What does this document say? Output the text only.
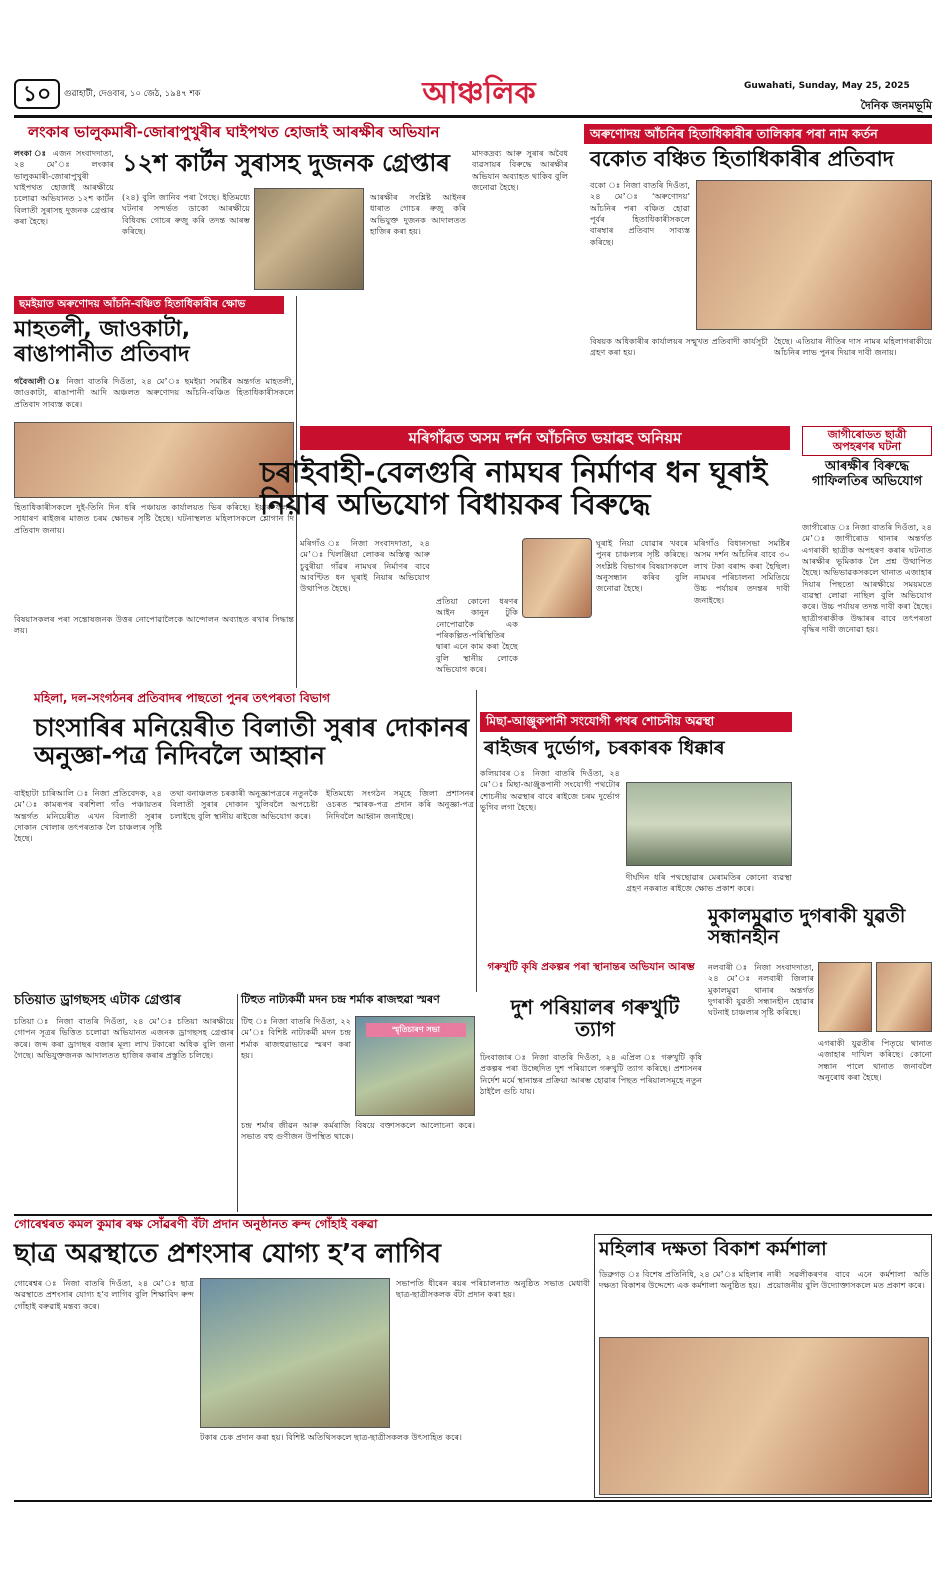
১০	গুৱাহাটী, দেওবাৰ, ১০ জেঠ, ১৯৪৭ শক	আঞ্চলিক	Guwahati, Sunday, May 25, 2025
দৈনিক জনমভূমি
লংকাৰ ভালুকমাৰী-জোৰাপুখুৰীৰ ঘাইপথত হোজাই আৰক্ষীৰ অভিযান
লংকা ঃ এজন সংবাদদাতা, ২৪ মে’ঃ লংকাৰ ভালুকমাৰী-জোৰাপুখুৰী ঘাইপথত হোজাই আৰক্ষীয়ে চলোৱা অভিযানত ১২শ কাৰ্টন বিলাতী সুৰাসহ দুজনক গ্ৰেপ্তাৰ কৰা হৈছে।
১২শ কাৰ্টন সুৰাসহ দুজনক গ্ৰেপ্তাৰ
(২৪) বুলি জানিব পৰা গৈছে। ইতিমধ্যে ঘটনাৰ সন্দৰ্ভত ডাকো আৰক্ষীয়ে বিধিবদ্ধ গোচৰ ৰুজু কৰি তদন্ত আৰম্ভ কৰিছে।
আৰক্ষীৰ সংশ্লিষ্ট আইনৰ ধাৰাত গোচৰ ৰুজু কৰি অভিযুক্ত দুজনক আদালতত হাজিৰ কৰা হয়।
মাদকদ্ৰব্য আৰু সুৰাৰ অবৈধ ব্যৱসায়ৰ বিৰুদ্ধে আৰক্ষীৰ অভিযান অব্যাহত থাকিব বুলি জনোৱা হৈছে।
অৰুণোদয় আঁচনিৰ হিতাধিকাৰীৰ তালিকাৰ পৰা নাম কৰ্তন
বকোত বঞ্চিত হিতাধিকাৰীৰ প্ৰতিবাদ
বকো ঃ নিজা বাতৰি দিওঁতা, ২৪ মে’ঃ ‘অৰুণোদয়’ আঁচনিৰ পৰা বঞ্চিত হোৱা পূৰ্বৰ হিতাধিকাৰীসকলে বাৰম্বাৰ প্ৰতিবাদ সাব্যস্ত কৰিছে।
বিষয়ক অধিকাৰীৰ কাৰ্যালয়ৰ সন্মুখত প্ৰতিবাদী কাৰ্যসূচী গ্ৰহণ কৰা হয়।
হৈছে। এতিয়াৰ নীতিৰ দাস নামৰ মহিলাগৰাকীয়ে আঁচনিৰ লাভ পুনৰ দিয়াৰ দাবী জনায়।
ছমইয়াত অৰুণোদয় আঁচনি-বঞ্চিত হিতাধিকাৰীৰ ক্ষোভ
মাহতলী, জাওকাটা, ৰাঙাপানীত প্ৰতিবাদ
গবৈআলী ঃ নিজা বাতৰি দিওঁতা, ২৪ মে’ঃ ছমইয়া সমষ্টিৰ অন্তৰ্গত মাহতলী, জাওকাটা, ৰাঙাপানী আদি অঞ্চলত অৰুণোদয় আঁচনি-বঞ্চিত হিতাধিকাৰীসকলে প্ৰতিবাদ সাব্যস্ত কৰে।
হিতাধিকাৰীসকলে দুই-তিনি দিন ধৰি পঞ্চায়ত কাৰ্যালয়ত ভিৰ কৰিছে। ইয়াৰ ফলত সাধাৰণ ৰাইজৰ মাজত চৰম ক্ষোভৰ সৃষ্টি হৈছে। ঘটনাস্থলত মহিলাসকলে শ্লোগান দি প্ৰতিবাদ জনায়।
বিষয়াসকলৰ পৰা সন্তোষজনক উত্তৰ নোপোৱালৈকে আন্দোলন অব্যাহত ৰখাৰ সিদ্ধান্ত লয়।
মৰিগাঁৱত অসম দৰ্শন আঁচনিত ভয়াৱহ অনিয়ম
চৰাইবাহী-বেলগুৰি নামঘৰ নিৰ্মাণৰ ধন ঘূৰাই নিয়াৰ অভিযোগ বিধায়কৰ বিৰুদ্ধে
মৰিগাঁও ঃ নিজা সংবাদদাতা, ২৪ মে’ঃ খিলঞ্জিয়া লোকৰ অস্তিত্ব আৰু চুবুৰীয়া গাঁৱৰ নামঘৰ নিৰ্মাণৰ বাবে আবণ্টিত ধন ঘূৰাই নিয়াৰ অভিযোগ উত্থাপিত হৈছে।
প্ৰতিয়া কোনো ধৰণৰ আইন কানুন টুকি নোপোৱাকৈ এক পৰিকল্পিত-পৰিস্থিতিৰ দ্বাৰা এনে কাম কৰা হৈছে বুলি স্থানীয় লোকে অভিযোগ কৰে।
ঘূৰাই নিয়া যোৱাৰ খবৰে পুনৰ চাঞ্চল্যৰ সৃষ্টি কৰিছে। সংশ্লিষ্ট বিভাগৰ বিষয়াসকলে অনুসন্ধান কৰিব বুলি জনোৱা হৈছে।
মৰিগাঁও বিধানসভা সমষ্টিৰ অসম দৰ্শন আঁচনিৰ বাবে ৩০ লাখ টকা বৰাদ্দ কৰা হৈছিল। নামঘৰ পৰিচালনা সমিতিয়ে উচ্চ পৰ্যায়ৰ তদন্তৰ দাবী জনাইছে।
জাগীৰোডত ছাত্ৰী অপহৰণৰ ঘটনা
আৰক্ষীৰ বিৰুদ্ধে গাফিলতিৰ অভিযোগ
জাগীৰোড ঃ নিজা বাতৰি দিওঁতা, ২৪ মে’ঃ জাগীৰোড থানাৰ অন্তৰ্গত এগৰাকী ছাত্ৰীক অপহৰণ কৰাৰ ঘটনাত আৰক্ষীৰ ভূমিকাক লৈ প্ৰশ্ন উত্থাপিত হৈছে। অভিভাৱকসকলে থানাত এজাহাৰ দিয়াৰ পিছতো আৰক্ষীয়ে সময়মতে ব্যৱস্থা লোৱা নাছিল বুলি অভিযোগ কৰে। উচ্চ পৰ্যায়ৰ তদন্ত দাবী কৰা হৈছে। ছাত্ৰীগৰাকীক উদ্ধাৰৰ বাবে তৎপৰতা বৃদ্ধিৰ দাবী জনোৱা হয়।
মহিলা, দল-সংগঠনৰ প্ৰতিবাদৰ পাছতো পুনৰ তৎপৰতা বিভাগ
চাংসাৰিৰ মনিয়েৰীত বিলাতী সুৰাৰ দোকানৰ অনুজ্ঞা-পত্ৰ নিদিবলৈ আহ্বান
বাইহাটা চাৰিআলি ঃ নিজা প্ৰতিবেদক, ২৪ মে’ঃ কামৰূপৰ বৰশিলা গাঁও পঞ্চায়তৰ অন্তৰ্গত মনিয়েৰীত এখন বিলাতী সুৰাৰ দোকান খোলাৰ তৎপৰতাক লৈ চাঞ্চল্যৰ সৃষ্টি হৈছে।
তথা বনাঞ্চলত চৰকাৰী অনুজ্ঞাপত্ৰৰে নতুনকৈ বিলাতী সুৰাৰ দোকান খুলিবলৈ অপচেষ্টা চলাইছে বুলি স্থানীয় ৰাইজে অভিযোগ কৰে।
ইতিমধ্যে সংগঠন সমূহে জিলা প্ৰশাসনৰ ওচৰত স্মাৰক-পত্ৰ প্ৰদান কৰি অনুজ্ঞা-পত্ৰ নিদিবলৈ আহ্বান জনাইছে।
মিছা-আঞ্জুকপানী সংযোগী পথৰ শোচনীয় অৱস্থা
ৰাইজৰ দুৰ্ভোগ, চৰকাৰক ধিক্কাৰ
কলিয়াবৰ ঃ নিজা বাতৰি দিওঁতা, ২৪ মে’ঃ মিছা-আঞ্জুকপানী সংযোগী পথটোৰ শোচনীয় অৱস্থাৰ বাবে ৰাইজে চৰম দুৰ্ভোগ ভুগিব লগা হৈছে।
দীৰ্ঘদিন ধৰি পথছোৱাৰ মেৰামতিৰ কোনো ব্যৱস্থা গ্ৰহণ নকৰাত ৰাইজে ক্ষোভ প্ৰকাশ কৰে।
মুকালমুৱাত দুগৰাকী যুৱতী সন্ধানহীন
নলবাৰী ঃ নিজা সংবাদদাতা, ২৪ মে’ঃ নলবাৰী জিলাৰ মুকালমুৱা থানাৰ অন্তৰ্গত দুগৰাকী যুৱতী সন্ধানহীন হোৱাৰ ঘটনাই চাঞ্চল্যৰ সৃষ্টি কৰিছে।
এগৰাকী যুৱতীৰ পিতৃয়ে থানাত এজাহাৰ দাখিল কৰিছে। কোনো সন্ধান পালে থানাত জনাবলৈ অনুৰোধ কৰা হৈছে।
চতিয়াত ড্ৰাগছসহ এটাক গ্ৰেপ্তাৰ
চতিয়া ঃ নিজা বাতৰি দিওঁতা, ২৪ মে’ঃ চতিয়া আৰক্ষীয়ে গোপন সূত্ৰৰ ভিত্তিত চলোৱা অভিযানত এজনক ড্ৰাগছসহ গ্ৰেপ্তাৰ কৰে। জব্দ কৰা ড্ৰাগছৰ বজাৰ মূল্য লাখ টকাৰো অধিক বুলি জনা গৈছে। অভিযুক্তজনক আদালতত হাজিৰ কৰাৰ প্ৰস্তুতি চলিছে।
টিহুত নাট্যকৰ্মী মদন চন্দ্ৰ শৰ্মাক ৰাজহুৱা স্মৰণ
টিহু ঃ নিজা বাতৰি দিওঁতা, ২২ মে’ঃ বিশিষ্ট নাট্যকৰ্মী মদন চন্দ্ৰ শৰ্মাক ৰাজহুৱাভাৱে স্মৰণ কৰা হয়।
স্মৃতিচাৰণ সভা
চন্দ্ৰ শৰ্মাৰ জীৱন আৰু কৰ্মৰাজি বিষয়ে বক্তাসকলে আলোচনা কৰে। সভাত বহু গুণীজন উপস্থিত থাকে।
গৰুখুটি কৃষি প্ৰকল্পৰ পৰা স্থানান্তৰ অভিযান আৰম্ভ
দুশ পৰিয়ালৰ গৰুখুটি ত্যাগ
ঢিংবাজাৰ ঃ নিজা বাতৰি দিওঁতা, ২৪ এপ্ৰিল ঃ গৰুখুটি কৃষি প্ৰকল্পৰ পৰা উচ্ছেদিত দুশ পৰিয়ালে গৰুখুটি ত্যাগ কৰিছে। প্ৰশাসনৰ নিৰ্দেশ মৰ্মে স্থানান্তৰ প্ৰক্ৰিয়া আৰম্ভ হোৱাৰ পিছত পৰিয়ালসমূহে নতুন ঠাইলৈ গুচি যায়।
গোৰেশ্বৰত কমল কুমাৰ ৰক্ষ সোঁৱৰণী বঁটা প্ৰদান অনুষ্ঠানত ৰুন্দ গোঁহাই বৰুৱা
ছাত্ৰ অৱস্থাতে প্ৰশংসাৰ যোগ্য হ’ব লাগিব
গোৰেশ্বৰ ঃ নিজা বাতৰি দিওঁতা, ২৪ মে’ঃ ছাত্ৰ অৱস্থাতে প্ৰশংসাৰ যোগ্য হ’ব লাগিব বুলি শিক্ষাবিদ ৰুন্দ গোঁহাই বৰুৱাই মন্তব্য কৰে।
সভাপতি ধীৰেন ৰয়ৰ পৰিচালনাত অনুষ্ঠিত সভাত মেধাবী ছাত্ৰ-ছাত্ৰীসকলক বঁটা প্ৰদান কৰা হয়।
টকাৰ চেক প্ৰদান কৰা হয়। বিশিষ্ট অতিথিসকলে ছাত্ৰ-ছাত্ৰীসকলক উৎসাহিত কৰে।
মহিলাৰ দক্ষতা বিকাশ কৰ্মশালা
ডিব্ৰুগড় ঃ বিশেষ প্ৰতিনিধি, ২৪ মে’ঃ মহিলাৰ দক্ষতা বিকাশৰ উদ্দেশ্যে এক কৰ্মশালা অনুষ্ঠিত হয়।
নাৰী সৱলীকৰণৰ বাবে এনে কৰ্মশালা অতি প্ৰয়োজনীয় বুলি উদ্যোক্তাসকলে মত প্ৰকাশ কৰে।
